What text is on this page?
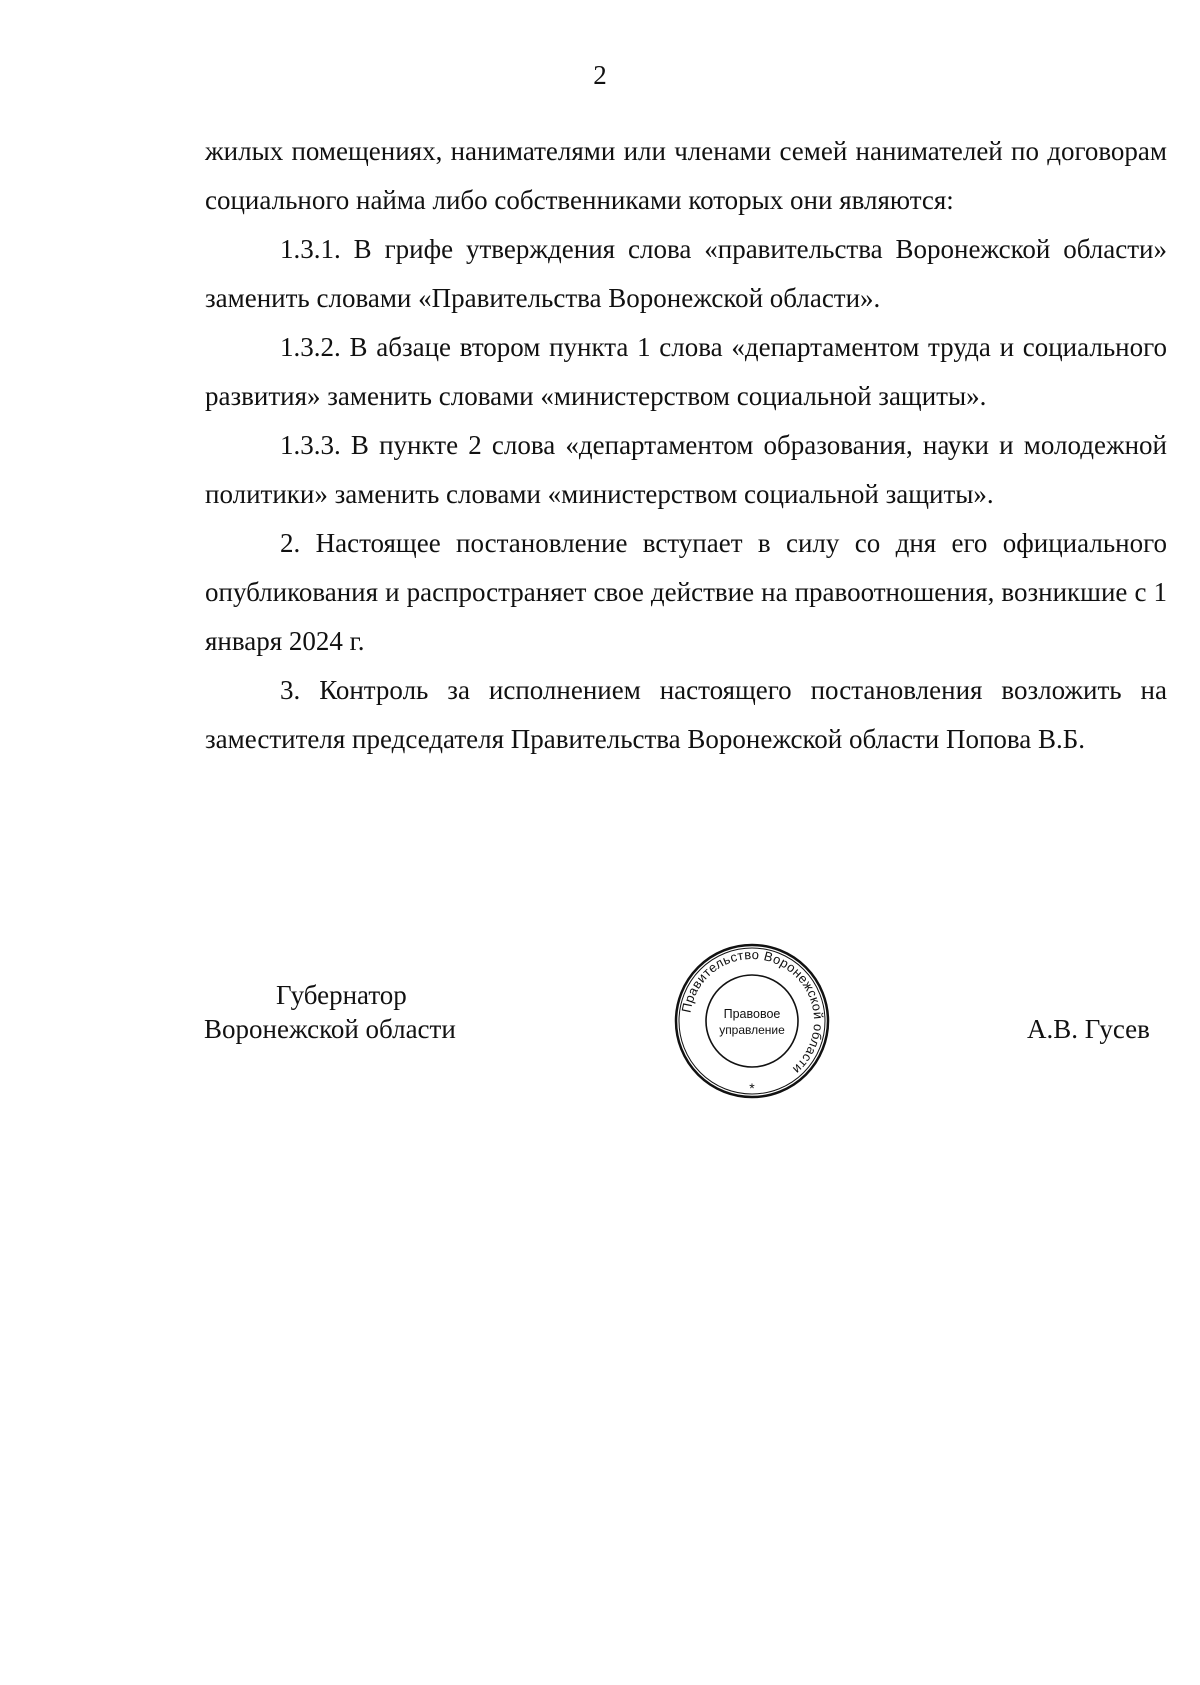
2

жилых помещениях, нанимателями или членами семей нанимателей по договорам социального найма либо собственниками которых они являются:

1.3.1. В грифе утверждения слова «правительства Воронежской области» заменить словами «Правительства Воронежской области».

1.3.2. В абзаце втором пункта 1 слова «департаментом труда и социального развития» заменить словами «министерством социальной защиты».

1.3.3. В пункте 2 слова «департаментом образования, науки и молодежной политики» заменить словами «министерством социальной защиты».

2. Настоящее постановление вступает в силу со дня его официального опубликования и распространяет свое действие на правоотношения, возникшие с 1 января 2024 г.

3. Контроль за исполнением настоящего постановления возложить на заместителя председателя Правительства Воронежской области Попова В.Б.

Губернатор
Воронежской области
Правительство Воронежской области
Правовое
управление
*
А.В. Гусев
